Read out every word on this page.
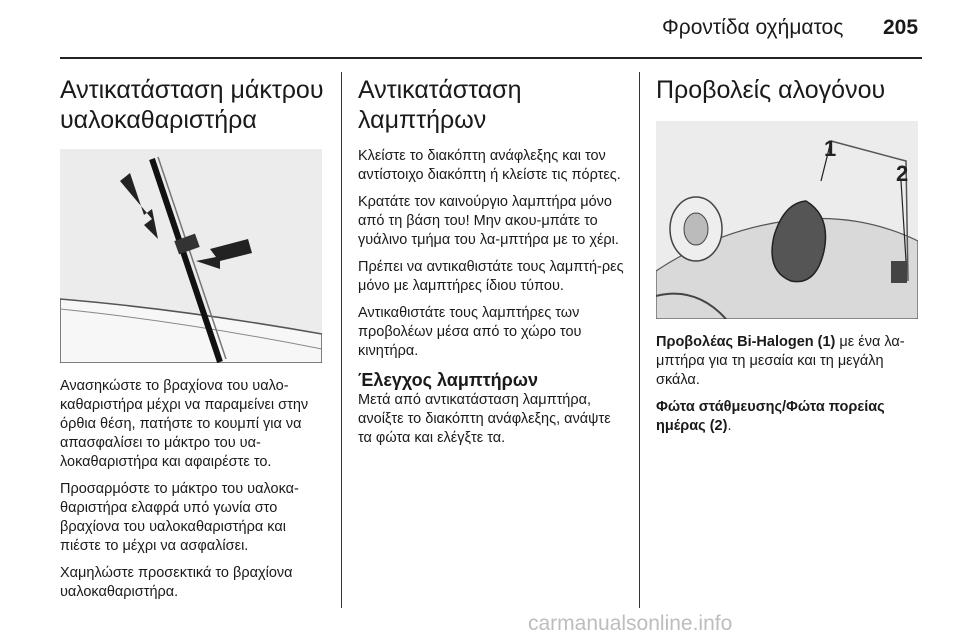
Φροντίδα οχήματος 205
Αντικατάσταση μάκτρου υαλοκαθαριστήρα

Ανασηκώστε το βραχίονα του υαλο-καθαριστήρα μέχρι να παραμείνει στην όρθια θέση, πατήστε το κουμπί για να απασφαλίσει το μάκτρο του υα-λοκαθαριστήρα και αφαιρέστε το.

Προσαρμόστε το μάκτρο του υαλοκα-θαριστήρα ελαφρά υπό γωνία στο βραχίονα του υαλοκαθαριστήρα και πιέστε το μέχρι να ασφαλίσει.

Χαμηλώστε προσεκτικά το βραχίονα υαλοκαθαριστήρα.

Αντικατάσταση λαμπτήρων

Κλείστε το διακόπτη ανάφλεξης και τον αντίστοιχο διακόπτη ή κλείστε τις πόρτες.

Κρατάτε τον καινούργιο λαμπτήρα μόνο από τη βάση του! Μην ακου-μπάτε το γυάλινο τμήμα του λα-μπτήρα με το χέρι.

Πρέπει να αντικαθιστάτε τους λαμπτή-ρες μόνο με λαμπτήρες ίδιου τύπου.

Αντικαθιστάτε τους λαμπτήρες των προβολέων μέσα από το χώρο του κινητήρα.

Έλεγχος λαμπτήρων

Μετά από αντικατάσταση λαμπτήρα, ανοίξτε το διακόπτη ανάφλεξης, ανάψτε τα φώτα και ελέγξτε τα.

Προβολείς αλογόνου
1
2

Προβολέας Bi-Halogen (1) με ένα λα-μπτήρα για τη μεσαία και τη μεγάλη σκάλα.

Φώτα στάθμευσης/Φώτα πορείας ημέρας (2).

carmanualsonline.info
